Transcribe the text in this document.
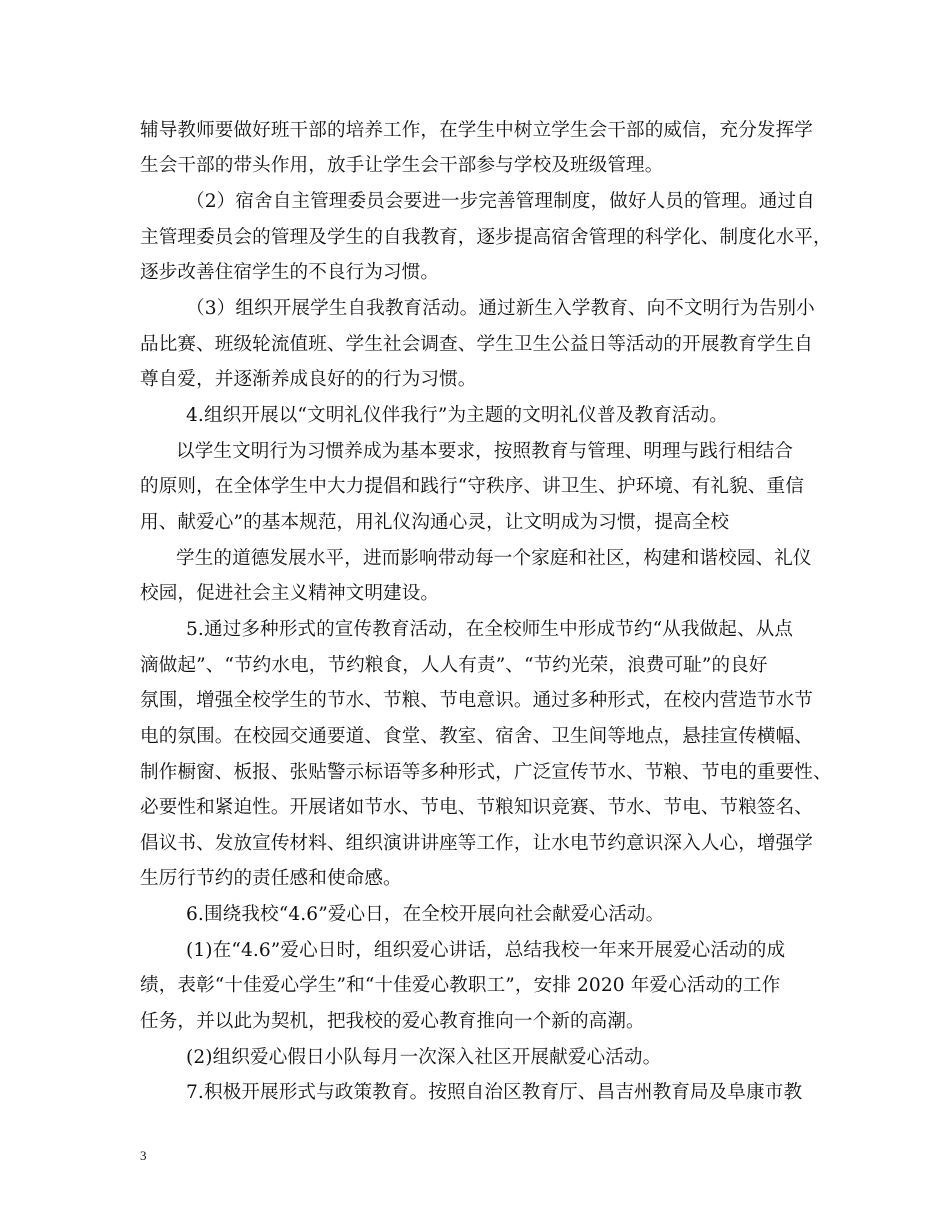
辅导教师要做好班干部的培养工作，在学生中树立学生会干部的威信，充分发挥学
生会干部的带头作用，放手让学生会干部参与学校及班级管理。
（2）宿舍自主管理委员会要进一步完善管理制度，做好人员的管理。通过自
主管理委员会的管理及学生的自我教育，逐步提高宿舍管理的科学化、制度化水平，
逐步改善住宿学生的不良行为习惯。
（3）组织开展学生自我教育活动。通过新生入学教育、向不文明行为告别小
品比赛、班级轮流值班、学生社会调查、学生卫生公益日等活动的开展教育学生自
尊自爱，并逐渐养成良好的的行为习惯。
4.组织开展以“文明礼仪伴我行”为主题的文明礼仪普及教育活动。
以学生文明行为习惯养成为基本要求，按照教育与管理、明理与践行相结合
的原则，在全体学生中大力提倡和践行“守秩序、讲卫生、护环境、有礼貌、重信
用、献爱心”的基本规范，用礼仪沟通心灵，让文明成为习惯，提高全校
学生的道德发展水平，进而影响带动每一个家庭和社区，构建和谐校园、礼仪
校园，促进社会主义精神文明建设。
5.通过多种形式的宣传教育活动，在全校师生中形成节约“从我做起、从点
滴做起”、“节约水电，节约粮食，人人有责”、“节约光荣，浪费可耻”的良好
氛围，增强全校学生的节水、节粮、节电意识。通过多种形式，在校内营造节水节
电的氛围。在校园交通要道、食堂、教室、宿舍、卫生间等地点，悬挂宣传横幅、
制作橱窗、板报、张贴警示标语等多种形式，广泛宣传节水、节粮、节电的重要性、
必要性和紧迫性。开展诸如节水、节电、节粮知识竞赛、节水、节电、节粮签名、
倡议书、发放宣传材料、组织演讲讲座等工作，让水电节约意识深入人心，增强学
生厉行节约的责任感和使命感。
6.围绕我校“4.6”爱心日，在全校开展向社会献爱心活动。
(1)在“4.6”爱心日时，组织爱心讲话，总结我校一年来开展爱心活动的成
绩，表彰“十佳爱心学生”和“十佳爱心教职工”，安排 2020 年爱心活动的工作
任务，并以此为契机，把我校的爱心教育推向一个新的高潮。
(2)组织爱心假日小队每月一次深入社区开展献爱心活动。
7.积极开展形式与政策教育。按照自治区教育厅、昌吉州教育局及阜康市教
3
